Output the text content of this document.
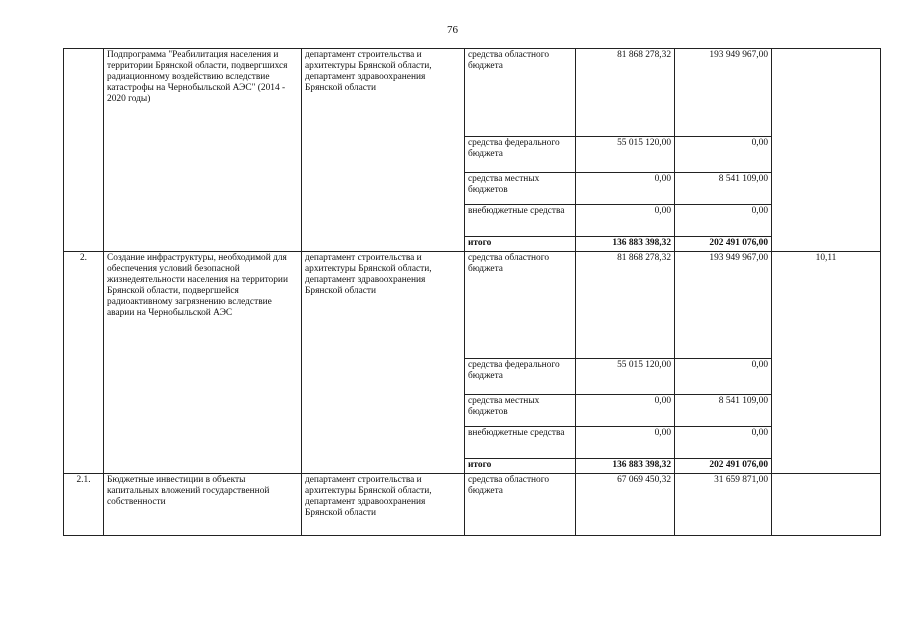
76
	Подпрограмма "Реабилитация населения и территории Брянской области, подвергшихся радиационному воздействию вследствие катастрофы на Чернобыльской АЭС" (2014 - 2020 годы)	департамент строительства и архитектуры Брянской области, департамент здравоохранения Брянской области	средства областного бюджета	81 868 278,32	193 949 967,00	
			средства федерального бюджета	55 015 120,00	0,00	
			средства местных бюджетов	0,00	8 541 109,00	
			внебюджетные средства	0,00	0,00	
			итого	136 883 398,32	202 491 076,00	
2.	Создание инфраструктуры, необходимой для обеспечения условий безопасной жизнедеятельности населения на территории Брянской области, подвергшейся радиоактивному загрязнению вследствие аварии на Чернобыльской АЭС	департамент строительства и архитектуры Брянской области, департамент здравоохранения Брянской области	средства областного бюджета	81 868 278,32	193 949 967,00	10,11
			средства федерального бюджета	55 015 120,00	0,00	
			средства местных бюджетов	0,00	8 541 109,00	
			внебюджетные средства	0,00	0,00	
			итого	136 883 398,32	202 491 076,00	
2.1.	Бюджетные инвестиции в объекты капитальных вложений государственной собственности	департамент строительства и архитектуры Брянской области, департамент здравоохранения Брянской области	средства областного бюджета	67 069 450,32	31 659 871,00	
